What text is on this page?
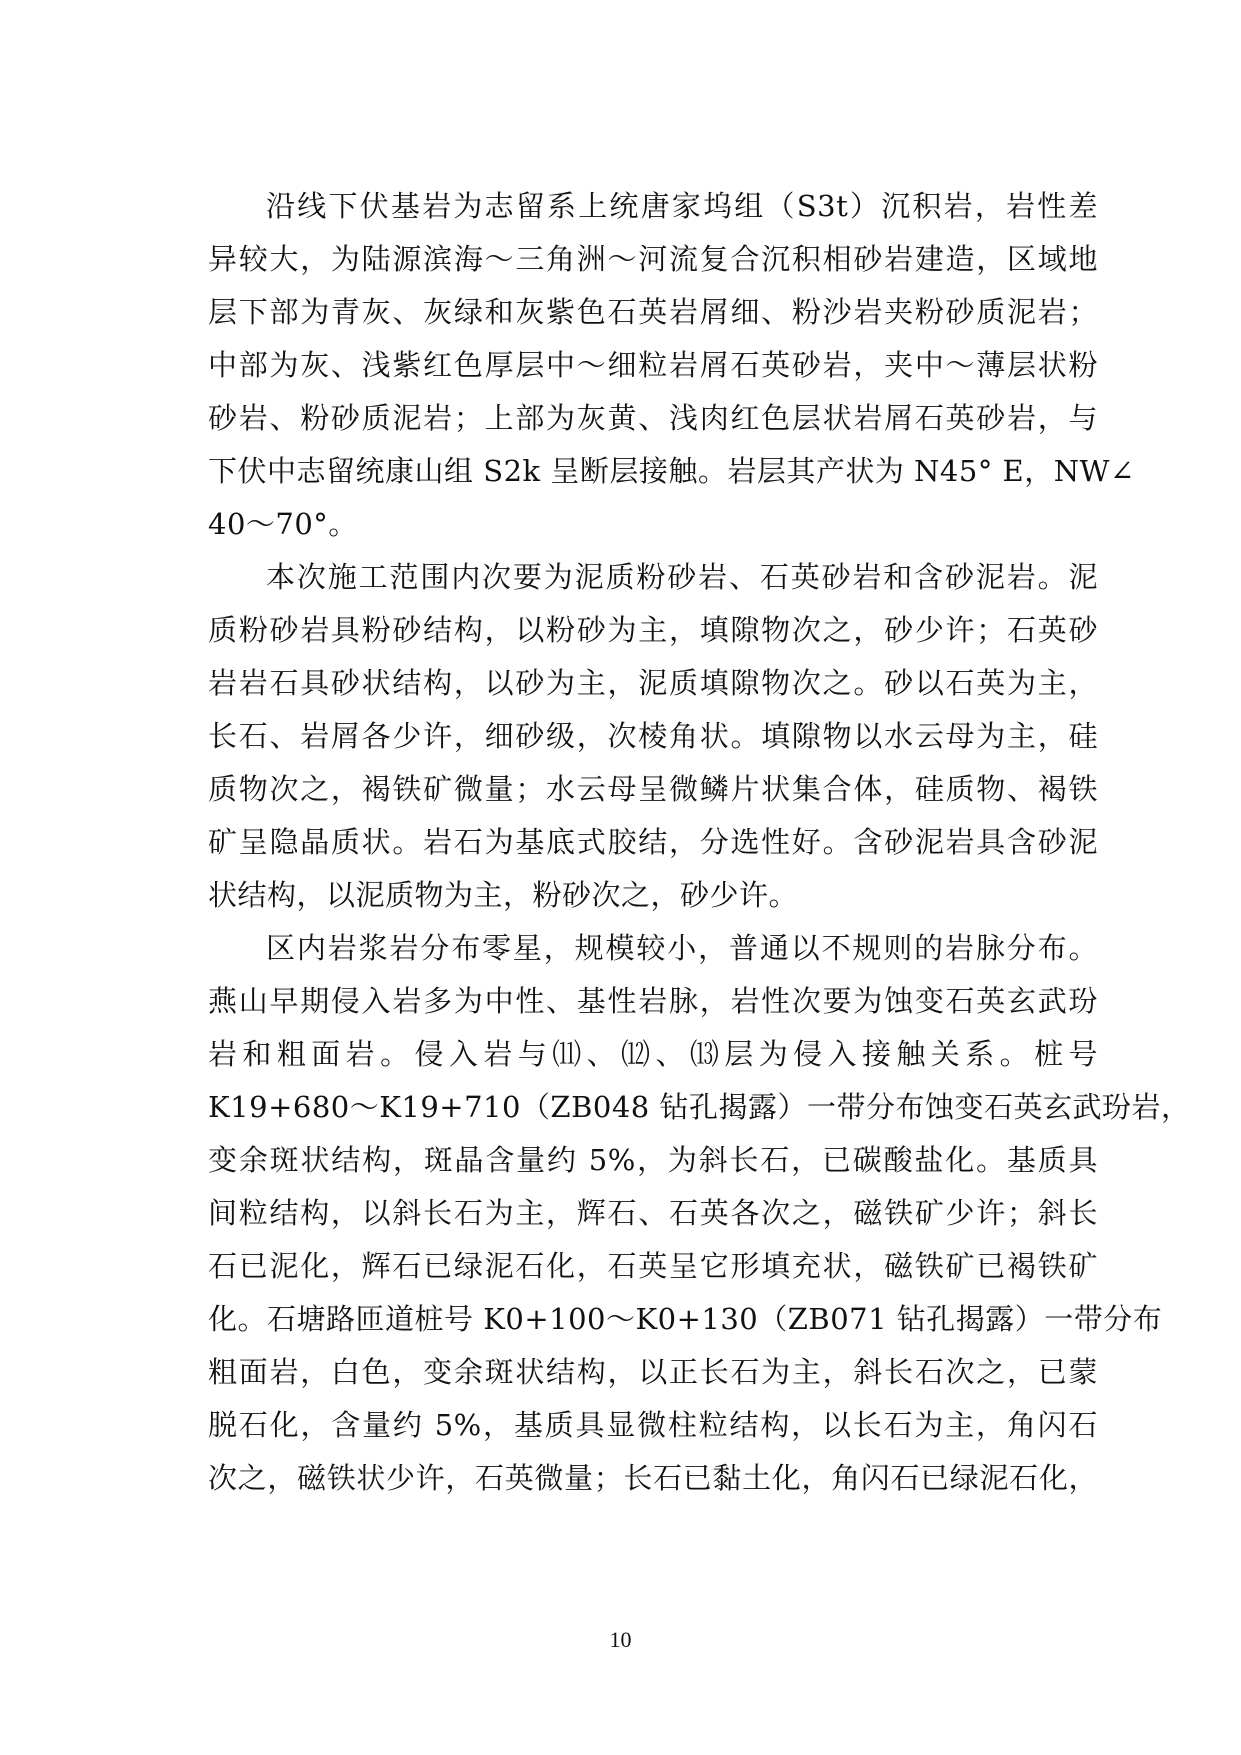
沿线下伏基岩为志留系上统唐家坞组（S3t）沉积岩，岩性差
异较大，为陆源滨海～三角洲～河流复合沉积相砂岩建造，区域地
层下部为青灰、灰绿和灰紫色石英岩屑细、粉沙岩夹粉砂质泥岩；
中部为灰、浅紫红色厚层中～细粒岩屑石英砂岩，夹中～薄层状粉
砂岩、粉砂质泥岩；上部为灰黄、浅肉红色层状岩屑石英砂岩，与
下伏中志留统康山组 S2k 呈断层接触。岩层其产状为 N45° E，NW∠
40～70°。
本次施工范围内次要为泥质粉砂岩、石英砂岩和含砂泥岩。泥
质粉砂岩具粉砂结构，以粉砂为主，填隙物次之，砂少许；石英砂
岩岩石具砂状结构，以砂为主，泥质填隙物次之。砂以石英为主，
长石、岩屑各少许，细砂级，次棱角状。填隙物以水云母为主，硅
质物次之，褐铁矿微量；水云母呈微鳞片状集合体，硅质物、褐铁
矿呈隐晶质状。岩石为基底式胶结，分选性好。含砂泥岩具含砂泥
状结构，以泥质物为主，粉砂次之，砂少许。
区内岩浆岩分布零星，规模较小，普通以不规则的岩脉分布。
燕山早期侵入岩多为中性、基性岩脉，岩性次要为蚀变石英玄武玢
岩和粗面岩。侵入岩与⑾、⑿、⒀层为侵入接触关系。桩号
K19+680～K19+710（ZB048 钻孔揭露）一带分布蚀变石英玄武玢岩，
变余斑状结构，斑晶含量约 5%，为斜长石，已碳酸盐化。基质具
间粒结构，以斜长石为主，辉石、石英各次之，磁铁矿少许；斜长
石已泥化，辉石已绿泥石化，石英呈它形填充状，磁铁矿已褐铁矿
化。石塘路匝道桩号 K0+100～K0+130（ZB071 钻孔揭露）一带分布
粗面岩，白色，变余斑状结构，以正长石为主，斜长石次之，已蒙
脱石化，含量约 5%，基质具显微柱粒结构，以长石为主，角闪石
次之，磁铁状少许，石英微量；长石已黏土化，角闪石已绿泥石化，
10
